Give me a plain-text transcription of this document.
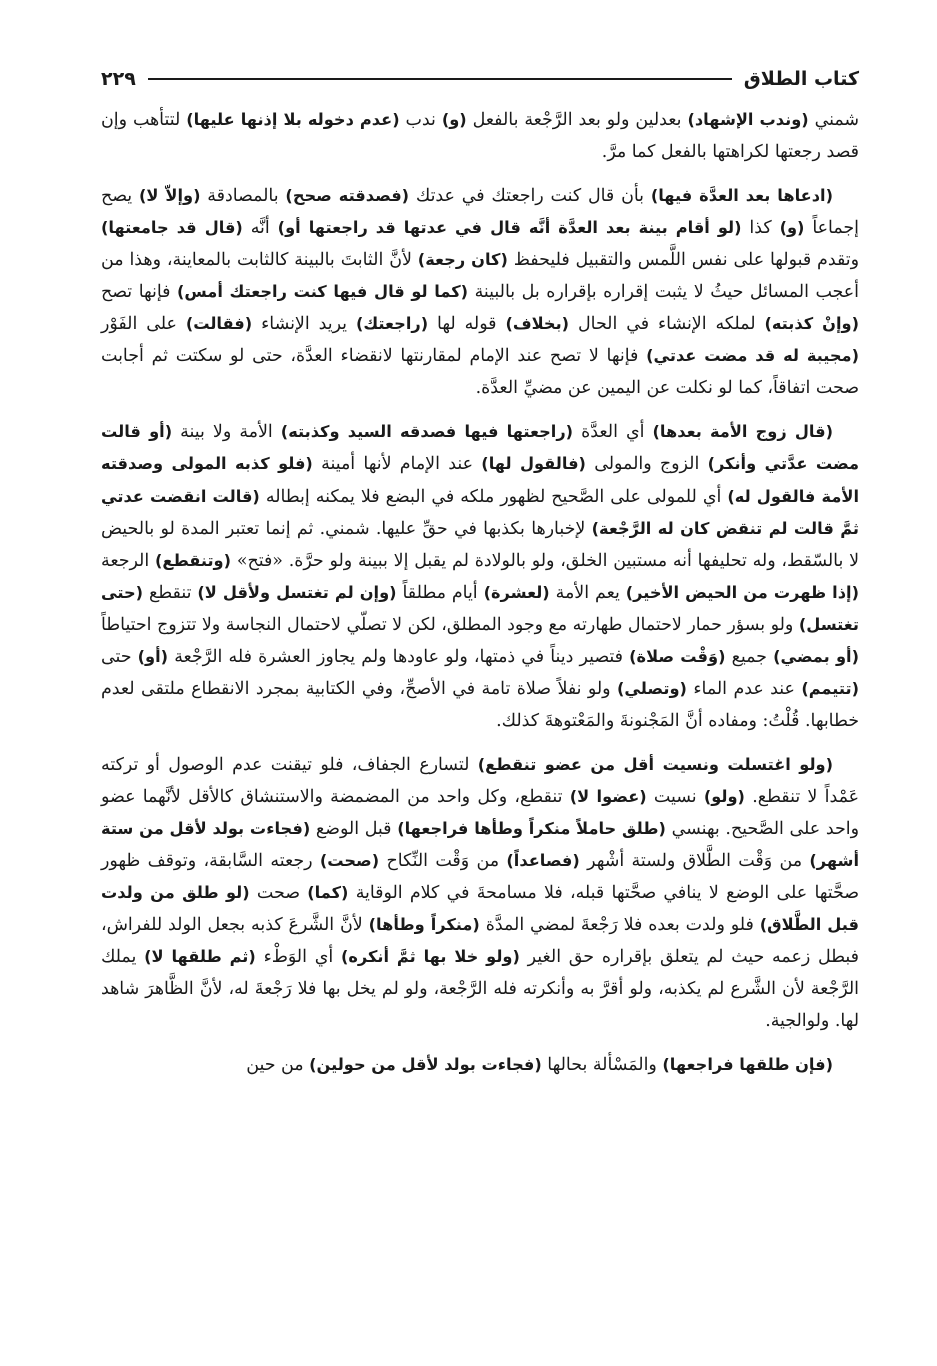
كتاب الطلاق
٢٢٩

شمني (وندب الإشهاد) بعدلين ولو بعد الرَّجْعة بالفعل (و) ندب (عدم دخوله بلا إذنها عليها) لتتأهب وإن قصد رجعتها لكراهتها بالفعل كما مرَّ.

(ادعاها بعد العدَّة فيها) بأن قال كنت راجعتك في عدتك (فصدقته صحح) بالمصادقة (وإلاّ لا) يصح إجماعاً (و) كذا (لو أقام بينة بعد العدَّة أنَّه قال في عدتها قد راجعتها أو) أنَّه (قال قد جامعتها) وتقدم قبولها على نفس اللَّمس والتقبيل فليحفظ (كان رجعة) لأنَّ الثابتَ بالبينة كالثابت بالمعاينة، وهذا من أعجب المسائل حيثُ لا يثبت إقراره بإقراره بل بالبينة (كما لو قال فيها كنت راجعتك أمس) فإنها تصح (وإنْ كذبته) لملكه الإنشاء في الحال (بخلاف) قوله لها (راجعتك) يريد الإنشاء (فقالت) على الفَوْر (مجيبة له قد مضت عدتي) فإنها لا تصح عند الإمام لمقارنتها لانقضاء العدَّة، حتى لو سكتت ثم أجابت صحت اتفاقاً، كما لو نكلت عن اليمين عن مضيِّ العدَّة.

(قال زوج الأمة بعدها) أي العدَّة (راجعتها فيها فصدقه السيد وكذبته) الأمة ولا بينة (أو قالت مضت عدَّتي وأنكر) الزوج والمولى (فالقول لها) عند الإمام لأنها أمينة (فلو كذبه المولى وصدقته الأمة فالقول له) أي للمولى على الصَّحيح لظهور ملكه في البضع فلا يمكنه إبطاله (قالت انقضت عدتي ثمَّ قالت لم تنقض كان له الرَّجْعة) لإخبارها بكذبها في حقِّ عليها. شمني. ثم إنما تعتبر المدة لو بالحيض لا بالسّقط، وله تحليفها أنه مستبين الخلق، ولو بالولادة لم يقبل إلا ببينة ولو حرَّة. «فتح» (وتنقطع) الرجعة (إذا ظهرت من الحيض الأخير) يعم الأمة (لعشرة) أيام مطلقاً (وإن لم تغتسل ولأقل لا) تنقطع (حتى تغتسل) ولو بسؤر حمار لاحتمال طهارته مع وجود المطلق، لكن لا تصلّي لاحتمال النجاسة ولا تتزوج احتياطاً (أو بمضي) جميع (وَقْت صلاة) فتصير ديناً في ذمتها، ولو عاودها ولم يجاوز العشرة فله الرَّجْعة (أو) حتى (تتيمم) عند عدم الماء (وتصلي) ولو نفلاً صلاة تامة في الأصحِّ، وفي الكتابية بمجرد الانقطاع ملتقى لعدم خطابها. قُلْتُ: ومفاده أنَّ المَجْنونةَ والمَعْتوهةَ كذلك.

(ولو اغتسلت ونسيت أقل من عضو تنقطع) لتسارع الجفاف، فلو تيقنت عدم الوصول أو تركته عَمْداً لا تنقطع. (ولو) نسيت (عضوا لا) تنقطع، وكل واحد من المضمضة والاستنشاق كالأقل لأنَّهما عضو واحد على الصَّحيح. بهنسي (طلق حاملاً منكراً وطأها فراجعها) قبل الوضع (فجاءت بولد لأقل من ستة أشهر) من وَقْت الطَّلاق ولستة أشْهر (فصاعداً) من وَقْت النِّكاح (صحت) رجعته السَّابقة، وتوقف ظهور صحَّتها على الوضع لا ينافي صحَّتها قبله، فلا مسامحةَ في كلام الوقاية (كما) صحت (لو طلق من ولدت قبل الطَّلاق) فلو ولدت بعده فلا رَجْعةَ لمضي المدَّة (منكراً وطأها) لأنَّ الشَّرعَ كذبه بجعل الولد للفراش، فبطل زعمه حيث لم يتعلق بإقراره حق الغير (ولو خلا بها ثمَّ أنكره) أي الوَطْء (ثم طلقها لا) يملك الرَّجْعة لأن الشَّرع لم يكذبه، ولو أقرَّ به وأنكرته فله الرَّجْعة، ولو لم يخل بها فلا رَجْعةَ له، لأنَّ الظَّاهرَ شاهد لها. ولوالجية.

(فإن طلقها فراجعها) والمَسْألة بحالها (فجاءت بولد لأقل من حولين) من حين
